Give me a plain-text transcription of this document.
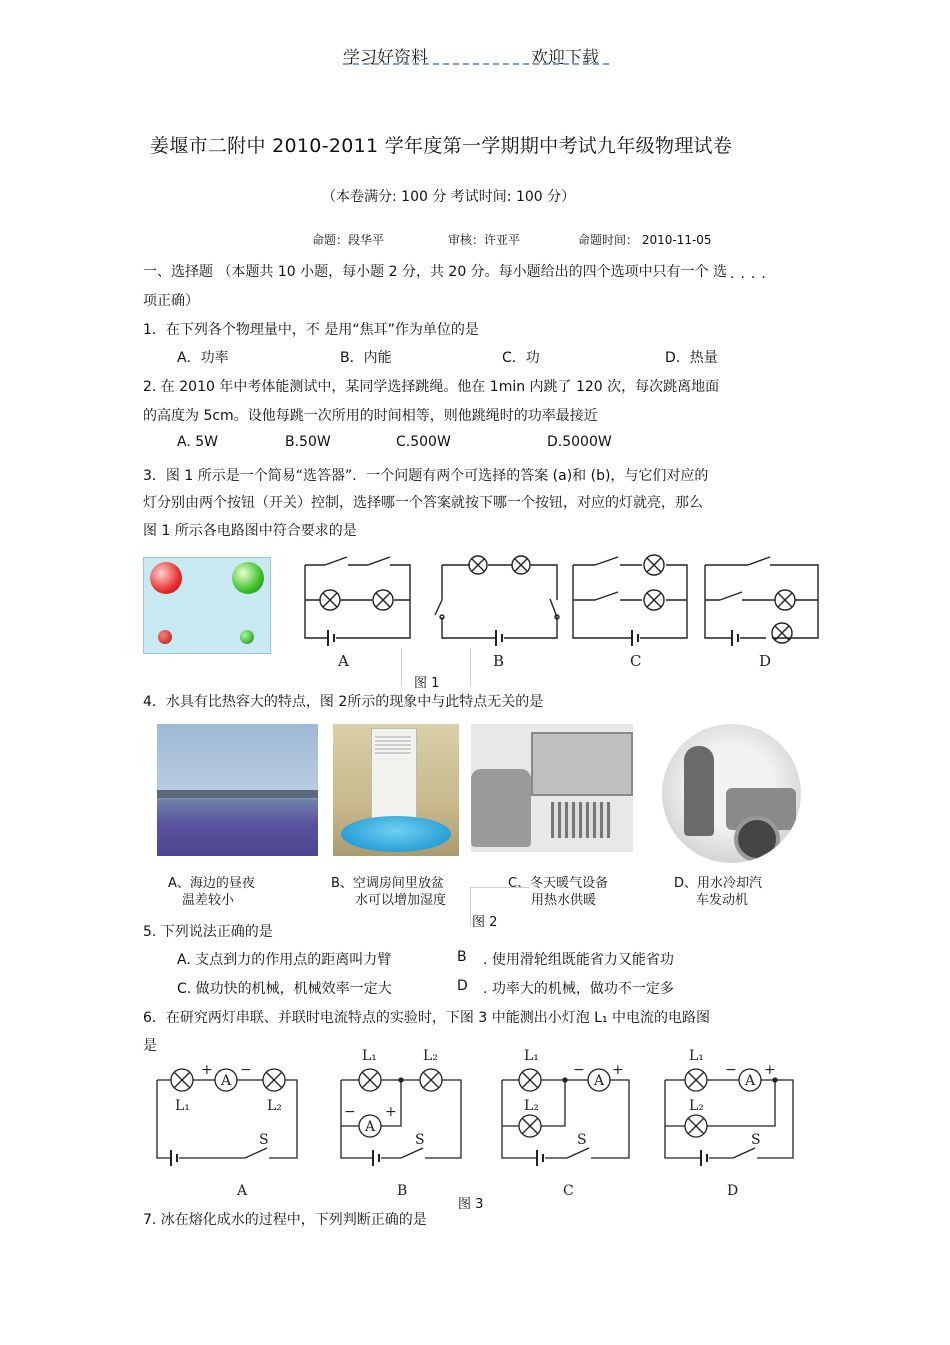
学习好资料	欢迎下载
姜堰市二附中 2010-2011 学年度第一学期期中考试九年级物理试卷
（本卷满分: 100 分 考试时间: 100 分）
命题：段华平	审核：许亚平	命题时间： 2010-11-05
一、选择题 （本题共 10 小题，每小题 2 分，共 20 分。每小题给出的四个选项中只有一个 选 ····
项正确）
1．在下列各个物理量中，不 是用“焦耳”作为单位的是
A．功率	B．内能	C．功	D．热量
2. 在 2010 年中考体能测试中，某同学选择跳绳。他在 1min 内跳了 120 次，每次跳离地面
的高度为 5cm。设他每跳一次所用的时间相等，则他跳绳时的功率最接近
A. 5W	B.50W	C.500W	D.5000W
3．图 1 所示是一个简易“选答器”．一个问题有两个可选择的答案 (a)和 (b)，与它们对应的
灯分别由两个按钮（开关）控制，选择哪一个答案就按下哪一个按钮，对应的灯就亮，那么
图 1 所示各电路图中符合要求的是
A	B	C	D
图 1
4．水具有比热容大的特点，图 2所示的现象中与此特点无关的是
A、海边的昼夜
温差较小
B、空调房间里放盆
水可以增加湿度
C、冬天暖气设备
用热水供暖
D、用水冷却汽
车发动机
图 2
5. 下列说法正确的是
A. 支点到力的作用点的距离叫力臂	B . 使用滑轮组既能省力又能省功
C. 做功快的机械，机械效率一定大	D . 功率大的机械，做功不一定多
6．在研究两灯串联、并联时电流特点的实验时，下图 3 中能测出小灯泡 L₁ 中电流的电路图
是
A
+ −
L₁	L₂
S
L₁	L₂
A
− +
S
L₁
L₂
A
− +
S
L₁
L₂
A
− +
S
A	B	C	D
图 3
7. 冰在熔化成水的过程中，下列判断正确的是
